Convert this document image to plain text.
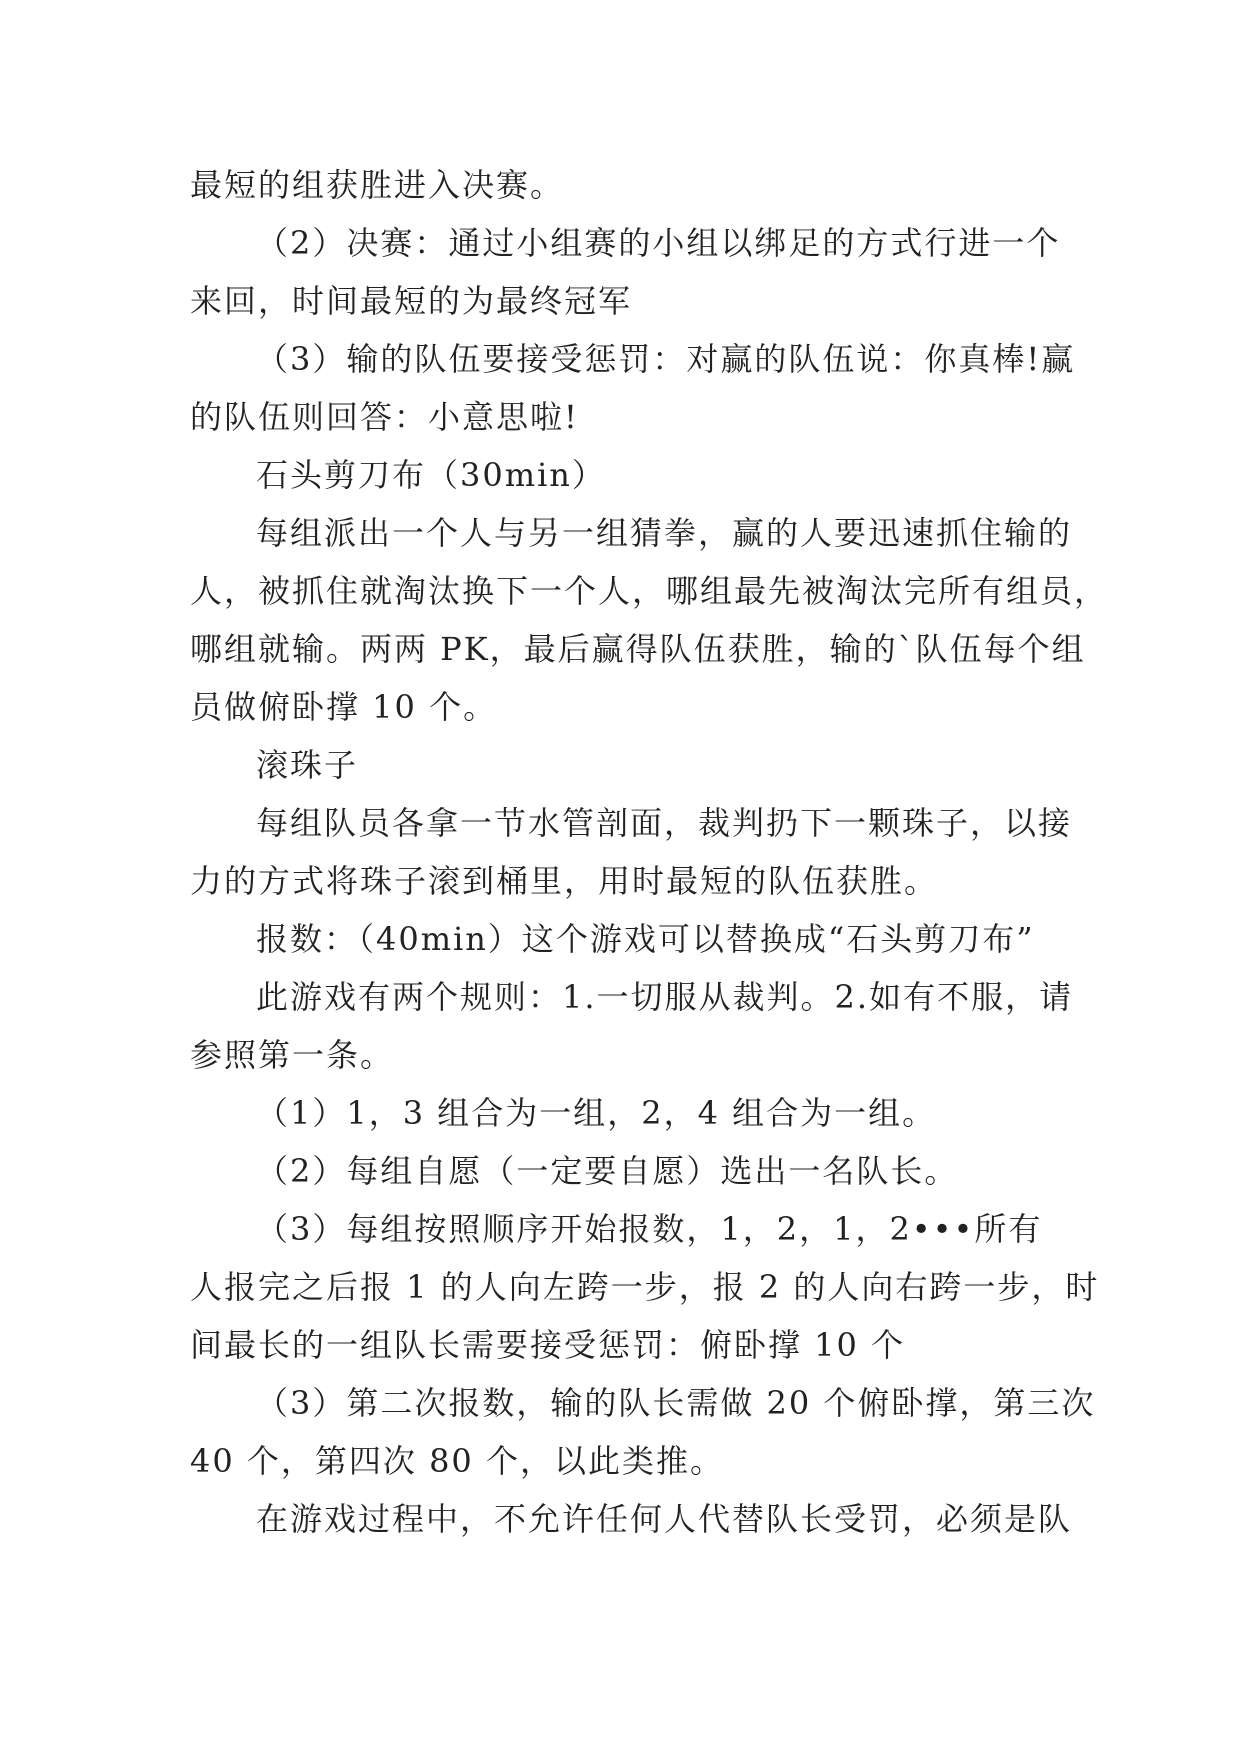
最短的组获胜进入决赛。
（2）决赛：通过小组赛的小组以绑足的方式行进一个
来回，时间最短的为最终冠军
（3）输的队伍要接受惩罚：对赢的队伍说：你真棒!赢
的队伍则回答：小意思啦!
石头剪刀布（30min）
每组派出一个人与另一组猜拳，赢的人要迅速抓住输的
人，被抓住就淘汰换下一个人，哪组最先被淘汰完所有组员，
哪组就输。两两 PK，最后赢得队伍获胜，输的`队伍每个组
员做俯卧撑 10 个。
滚珠子
每组队员各拿一节水管剖面，裁判扔下一颗珠子，以接
力的方式将珠子滚到桶里，用时最短的队伍获胜。
报数：（40min）这个游戏可以替换成“石头剪刀布”
此游戏有两个规则：1.一切服从裁判。2.如有不服，请
参照第一条。
（1）1，3 组合为一组，2，4 组合为一组。
（2）每组自愿（一定要自愿）选出一名队长。
（3）每组按照顺序开始报数，1，2，1，2•••所有
人报完之后报 1 的人向左跨一步，报 2 的人向右跨一步，时
间最长的一组队长需要接受惩罚：俯卧撑 10 个
（3）第二次报数，输的队长需做 20 个俯卧撑，第三次
40 个，第四次 80 个，以此类推。
在游戏过程中，不允许任何人代替队长受罚，必须是队
